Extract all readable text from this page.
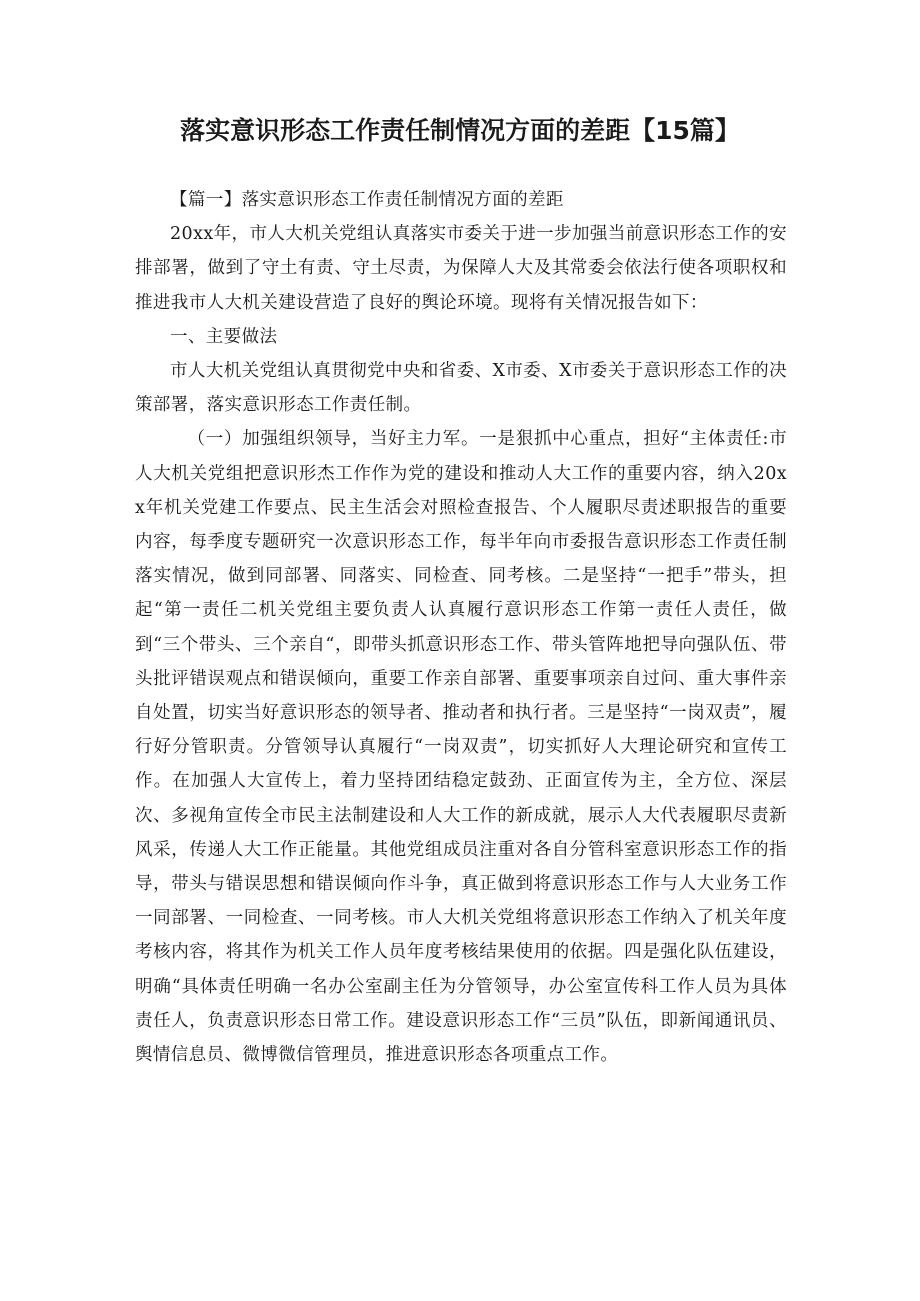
落实意识形态工作责任制情况方面的差距【15篇】

【篇一】落实意识形态工作责任制情况方面的差距

20xx年，市人大机关党组认真落实市委关于进一步加强当前意识形态工作的安排部署，做到了守土有责、守土尽责，为保障人大及其常委会依法行使各项职权和推进我市人大机关建设营造了良好的舆论环境。现将有关情况报告如下：

一、主要做法

市人大机关党组认真贯彻党中央和省委、X市委、X市委关于意识形态工作的决策部署，落实意识形态工作责任制。

（一）加强组织领导，当好主力军。一是狠抓中心重点，担好“主体责任:市人大机关党组把意识形杰工作作为党的建设和推动人大工作的重要内容，纳入20xx年机关党建工作要点、民主生活会对照检查报告、个人履职尽责述职报告的重要内容，每季度专题研究一次意识形态工作，每半年向市委报告意识形态工作责任制落实情况，做到同部署、同落实、同检查、同考核。二是坚持“一把手”带头，担起“第一责任二机关党组主要负责人认真履行意识形态工作第一责任人责任，做到“三个带头、三个亲自“，即带头抓意识形态工作、带头管阵地把导向强队伍、带头批评错误观点和错误倾向，重要工作亲自部署、重要事项亲自过问、重大事件亲自处置，切实当好意识形态的领导者、推动者和执行者。三是坚持“一岗双责”，履行好分管职责。分管领导认真履行“一岗双责”，切实抓好人大理论研究和宣传工作。在加强人大宣传上，着力坚持团结稳定鼓劲、正面宣传为主，全方位、深层次、多视角宣传全市民主法制建设和人大工作的新成就，展示人大代表履职尽责新风采，传递人大工作正能量。其他党组成员注重对各自分管科室意识形态工作的指导，带头与错误思想和错误倾向作斗争，真正做到将意识形态工作与人大业务工作一同部署、一同检查、一同考核。市人大机关党组将意识形态工作纳入了机关年度考核内容，将其作为机关工作人员年度考核结果使用的依据。四是强化队伍建设，明确“具体责任明确一名办公室副主任为分管领导，办公室宣传科工作人员为具体责任人，负责意识形态日常工作。建设意识形态工作“三员”队伍，即新闻通讯员、舆情信息员、微博微信管理员，推进意识形态各项重点工作。
